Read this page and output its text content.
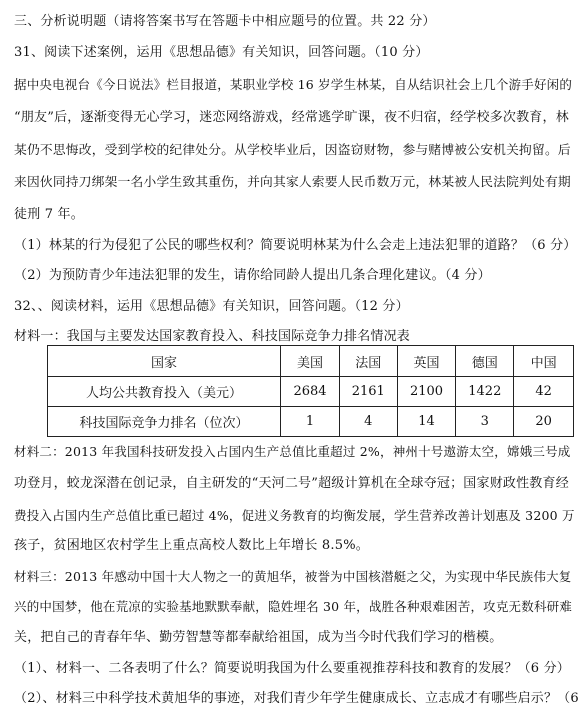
三、分析说明题（请将答案书写在答题卡中相应题号的位置。共 22 分）
31、阅读下述案例，运用《思想品德》有关知识，回答问题。（10 分）
据中央电视台《今日说法》栏目报道，某职业学校 16 岁学生林某，自从结识社会上几个游手好闲的
“朋友”后，逐渐变得无心学习，迷恋网络游戏，经常逃学旷课，夜不归宿，经学校多次教育，林
某仍不思悔改，受到学校的纪律处分。从学校毕业后，因盗窃财物，参与赌博被公安机关拘留。后
来因伙同持刀绑架一名小学生致其重伤，并向其家人索要人民币数万元，林某被人民法院判处有期
徒刑 7 年。
（1）林某的行为侵犯了公民的哪些权利？简要说明林某为什么会走上违法犯罪的道路？（6 分）
（2）为预防青少年违法犯罪的发生，请你给同龄人提出几条合理化建议。（4 分）
32、、阅读材料，运用《思想品德》有关知识，回答问题。（12 分）
材料一：我国与主要发达国家教育投入、科技国际竞争力排名情况表
国家	美国	法国	英国	德国	中国
人均公共教育投入（美元）	2684	2161	2100	1422	42
科技国际竞争力排名（位次）	1	4	14	3	20
材料二：2013 年我国科技研发投入占国内生产总值比重超过 2%，神州十号遨游太空，嫦娥三号成
功登月，蛟龙深潜在创记录，自主研发的“天河二号”超级计算机在全球夺冠；国家财政性教育经
费投入占国内生产总值比重已超过 4%，促进义务教育的均衡发展，学生营养改善计划惠及 3200 万
孩子，贫困地区农村学生上重点高校人数比上年增长 8.5%。
材料三：2013 年感动中国十大人物之一的黄旭华，被誉为中国核潜艇之父，为实现中华民族伟大复
兴的中国梦，他在荒凉的实验基地默默奉献，隐姓埋名 30 年，战胜各种艰难困苦，攻克无数科研难
关，把自己的青春年华、勤劳智慧等都奉献给祖国，成为当今时代我们学习的楷模。
（1）、材料一、二各表明了什么？简要说明我国为什么要重视推荐科技和教育的发展？（6 分）
（2）、材料三中科学技术黄旭华的事迹，对我们青少年学生健康成长、立志成才有哪些启示？（6
